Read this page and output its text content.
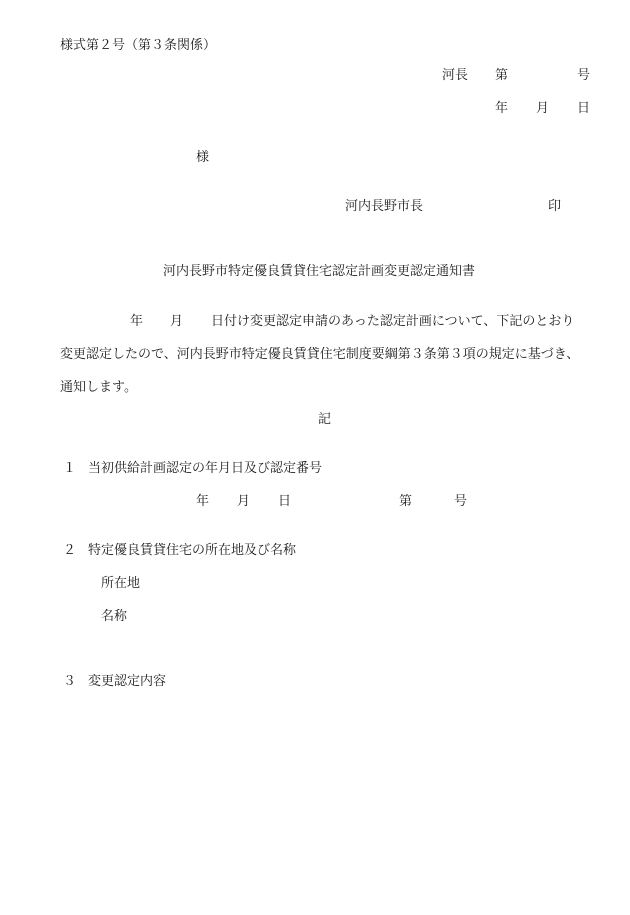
様式第２号（第３条関係）
河長 第	号
年 月 日
様
河内長野市長	印
河内長野市特定優良賃貸住宅認定計画変更認定通知書
年 月 日付け変更認定申請のあった認定計画について、下記のとおり
変更認定したので、河内長野市特定優良賃貸住宅制度要綱第３条第３項の規定に基づき、
通知します。
記
１ 当初供給計画認定の年月日及び認定番号
年 月 日	第	号
２ 特定優良賃貸住宅の所在地及び名称
所在地
名称
３ 変更認定内容
